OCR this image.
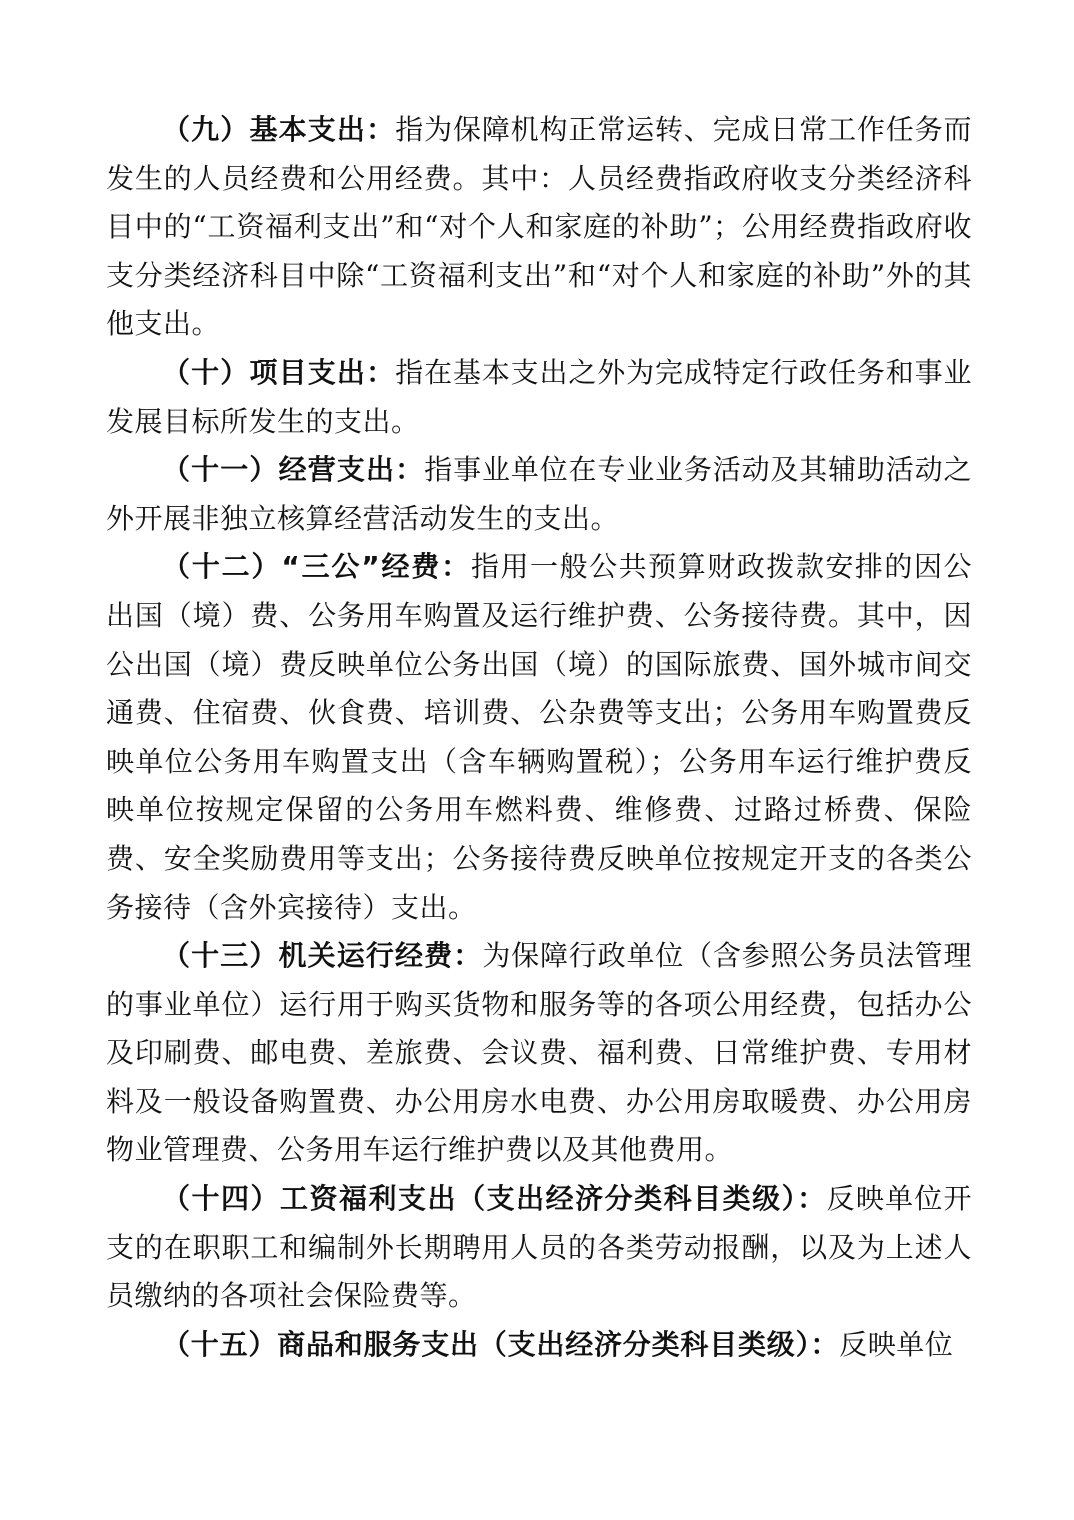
（九）基本支出：指为保障机构正常运转、完成日常工作任务而发生的人员经费和公用经费。其中：人员经费指政府收支分类经济科目中的“工资福利支出”和“对个人和家庭的补助”；公用经费指政府收支分类经济科目中除“工资福利支出”和“对个人和家庭的补助”外的其他支出。

（十）项目支出：指在基本支出之外为完成特定行政任务和事业发展目标所发生的支出。

（十一）经营支出：指事业单位在专业业务活动及其辅助活动之外开展非独立核算经营活动发生的支出。

（十二）“三公”经费：指用一般公共预算财政拨款安排的因公出国（境）费、公务用车购置及运行维护费、公务接待费。其中，因公出国（境）费反映单位公务出国（境）的国际旅费、国外城市间交通费、住宿费、伙食费、培训费、公杂费等支出；公务用车购置费反映单位公务用车购置支出（含车辆购置税）；公务用车运行维护费反映单位按规定保留的公务用车燃料费、维修费、过路过桥费、保险费、安全奖励费用等支出；公务接待费反映单位按规定开支的各类公务接待（含外宾接待）支出。

（十三）机关运行经费：为保障行政单位（含参照公务员法管理的事业单位）运行用于购买货物和服务等的各项公用经费，包括办公及印刷费、邮电费、差旅费、会议费、福利费、日常维护费、专用材料及一般设备购置费、办公用房水电费、办公用房取暖费、办公用房物业管理费、公务用车运行维护费以及其他费用。

（十四）工资福利支出（支出经济分类科目类级）：反映单位开支的在职职工和编制外长期聘用人员的各类劳动报酬，以及为上述人员缴纳的各项社会保险费等。

（十五）商品和服务支出（支出经济分类科目类级）：反映单位
